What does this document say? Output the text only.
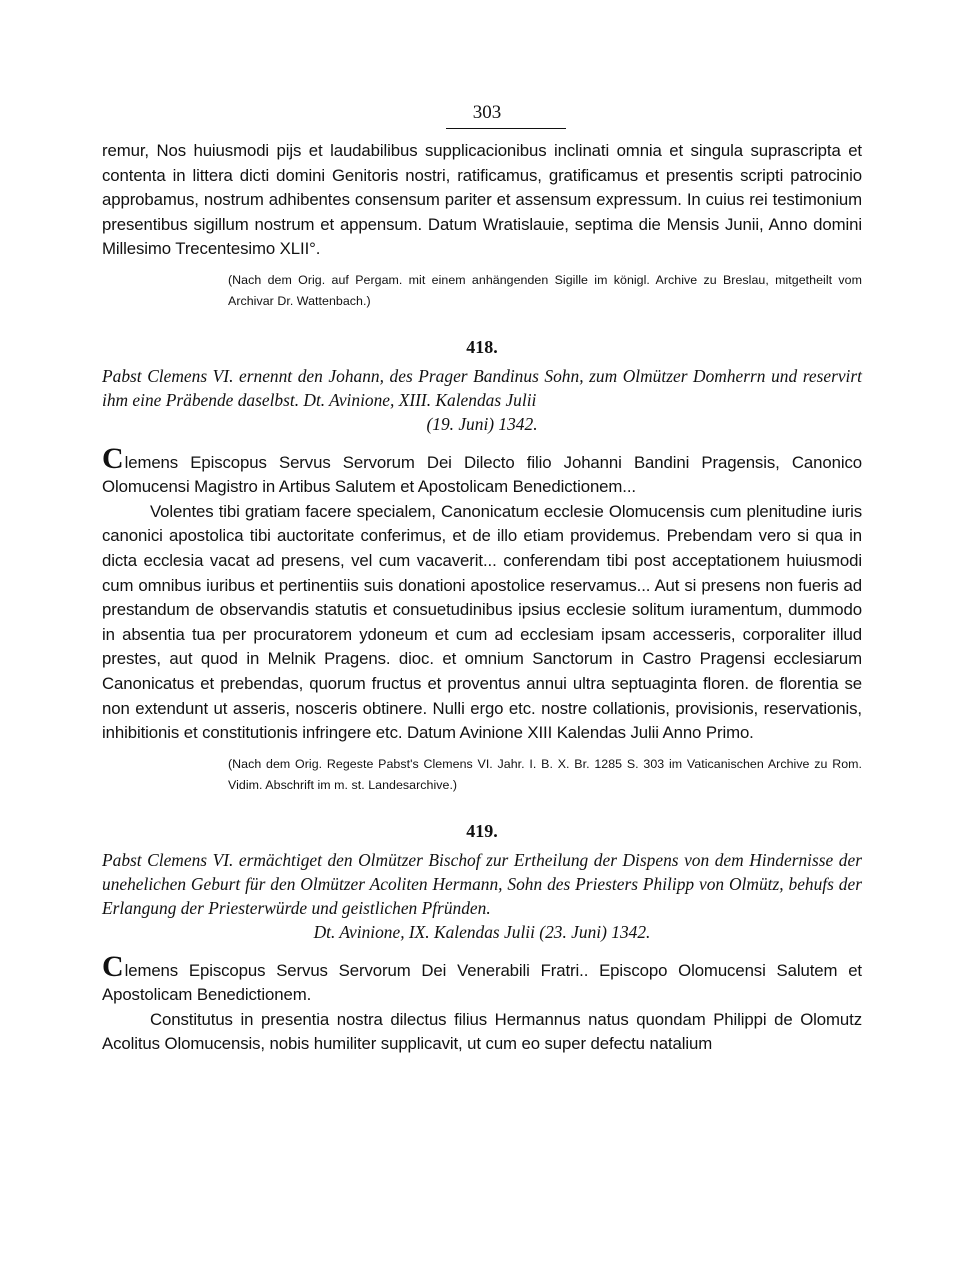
303

remur, Nos huiusmodi pijs et laudabilibus supplicacionibus inclinati omnia et singula suprascripta et contenta in littera dicti domini Genitoris nostri, ratificamus, gratificamus et presentis scripti patrocinio approbamus, nostrum adhibentes consensum pariter et assensum expressum. In cuius rei testimonium presentibus sigillum nostrum et appensum. Datum Wratislauie, septima die Mensis Junii, Anno domini Millesimo Trecentesimo XLII°.

(Nach dem Orig. auf Pergam. mit einem anhängenden Sigille im königl. Archive zu Breslau, mitgetheilt vom Archivar Dr. Wattenbach.)

418.

Pabst Clemens VI. ernennt den Johann, des Prager Bandinus Sohn, zum Olmützer Domherrn und reservirt ihm eine Präbende daselbst. Dt. Avinione, XIII. Kalendas Julii
(19. Juni) 1342.

Clemens Episcopus Servus Servorum Dei Dilecto filio Johanni Bandini Pragensis, Canonico Olomucensi Magistro in Artibus Salutem et Apostolicam Benedictionem...

Volentes tibi gratiam facere specialem, Canonicatum ecclesie Olomucensis cum plenitudine iuris canonici apostolica tibi auctoritate conferimus, et de illo etiam providemus. Prebendam vero si qua in dicta ecclesia vacat ad presens, vel cum vacaverit... conferendam tibi post acceptationem huiusmodi cum omnibus iuribus et pertinentiis suis donationi apostolice reservamus... Aut si presens non fueris ad prestandum de observandis statutis et consuetudinibus ipsius ecclesie solitum iuramentum, dummodo in absentia tua per procuratorem ydoneum et cum ad ecclesiam ipsam accesseris, corporaliter illud prestes, aut quod in Melnik Pragens. dioc. et omnium Sanctorum in Castro Pragensi ecclesiarum Canonicatus et prebendas, quorum fructus et proventus annui ultra septuaginta floren. de florentia se non extendunt ut asseris, nosceris obtinere. Nulli ergo etc. nostre collationis, provisionis, reservationis, inhibitionis et constitutionis infringere etc. Datum Avinione XIII Kalendas Julii Anno Primo.

(Nach dem Orig. Regeste Pabst's Clemens VI. Jahr. I. B. X. Br. 1285 S. 303 im Vaticanischen Archive zu Rom. Vidim. Abschrift im m. st. Landesarchive.)

419.

Pabst Clemens VI. ermächtiget den Olmützer Bischof zur Ertheilung der Dispens von dem Hindernisse der unehelichen Geburt für den Olmützer Acoliten Hermann, Sohn des Priesters Philipp von Olmütz, behufs der Erlangung der Priesterwürde und geistlichen Pfründen.
Dt. Avinione, IX. Kalendas Julii (23. Juni) 1342.

Clemens Episcopus Servus Servorum Dei Venerabili Fratri.. Episcopo Olomucensi Salutem et Apostolicam Benedictionem.

Constitutus in presentia nostra dilectus filius Hermannus natus quondam Philippi de Olomutz Acolitus Olomucensis, nobis humiliter supplicavit, ut cum eo super defectu natalium
